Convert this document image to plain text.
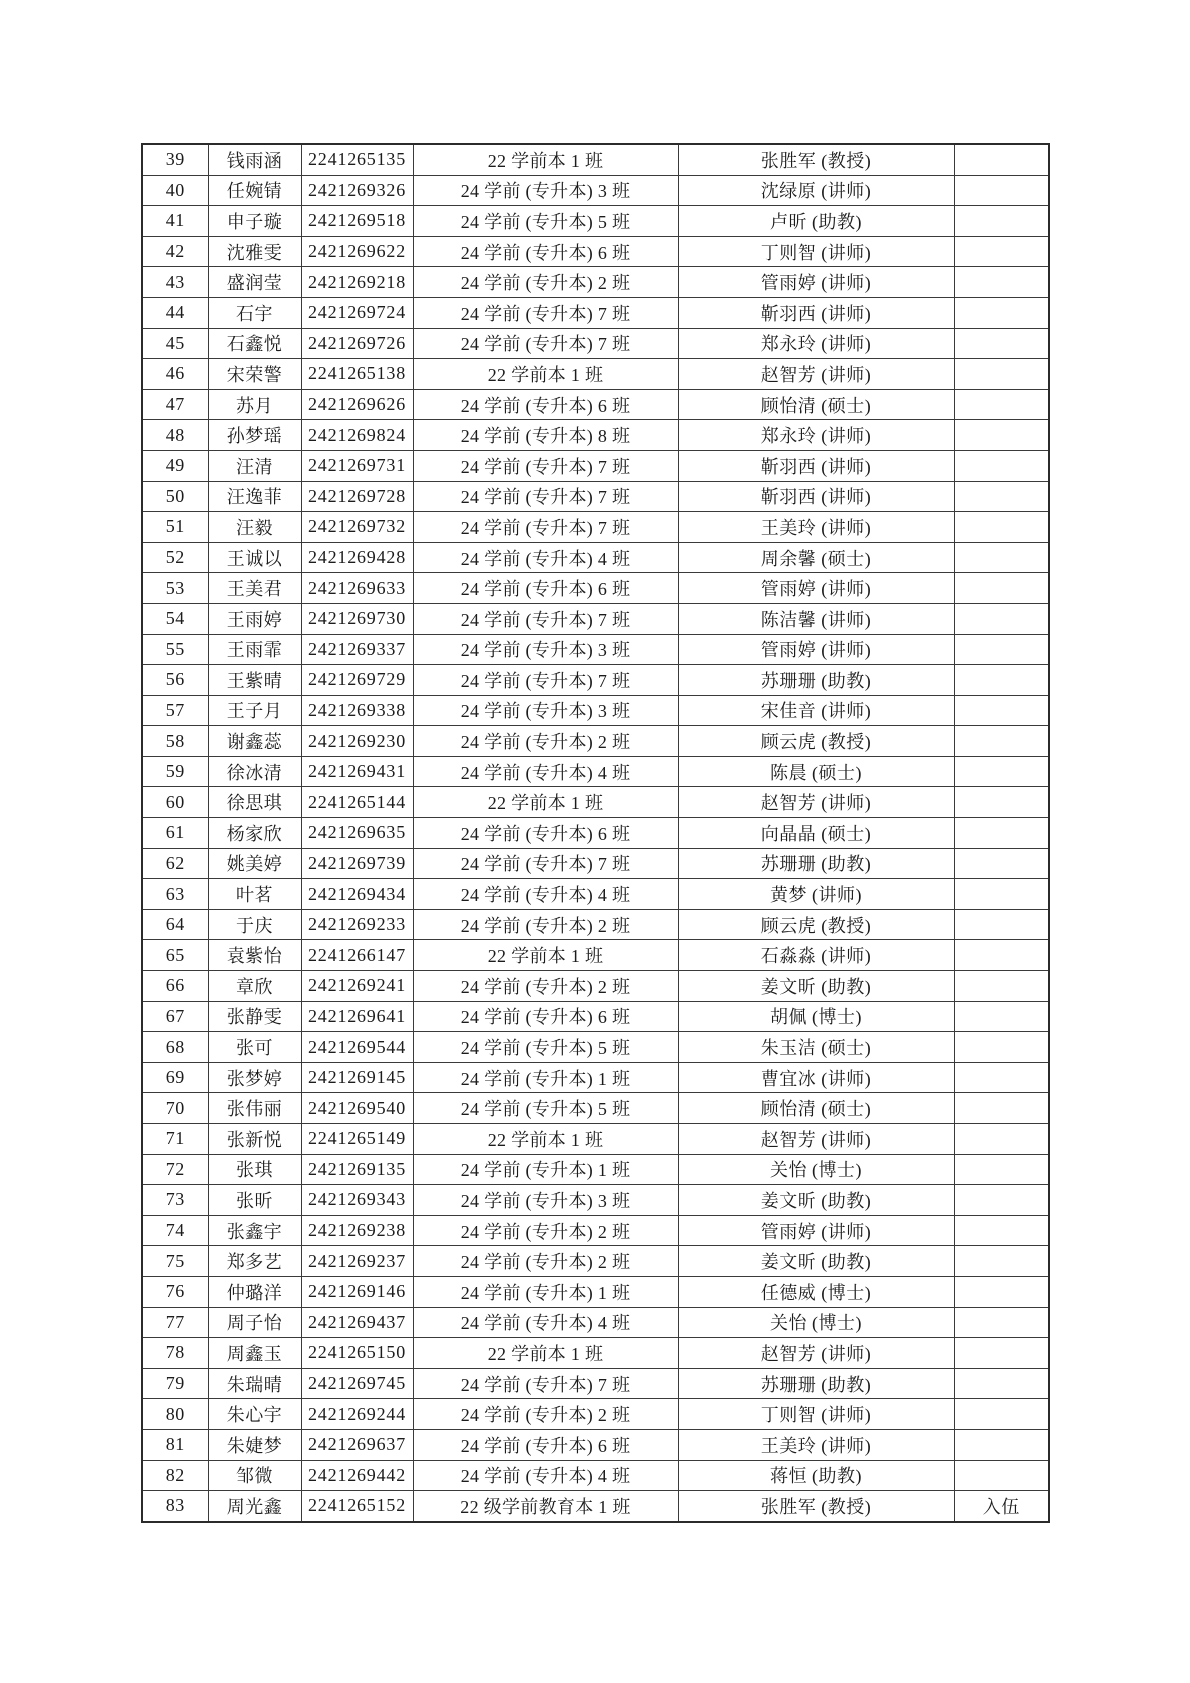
39	钱雨涵	2241265135	22 学前本 1 班	张胜军 (教授)	
40	任婉锖	2421269326	24 学前 (专升本) 3 班	沈绿原 (讲师)	
41	申子璇	2421269518	24 学前 (专升本) 5 班	卢昕 (助教)	
42	沈雅雯	2421269622	24 学前 (专升本) 6 班	丁则智 (讲师)	
43	盛润莹	2421269218	24 学前 (专升本) 2 班	管雨婷 (讲师)	
44	石宇	2421269724	24 学前 (专升本) 7 班	靳羽西 (讲师)	
45	石鑫悦	2421269726	24 学前 (专升本) 7 班	郑永玲 (讲师)	
46	宋荣警	2241265138	22 学前本 1 班	赵智芳 (讲师)	
47	苏月	2421269626	24 学前 (专升本) 6 班	顾怡清 (硕士)	
48	孙梦瑶	2421269824	24 学前 (专升本) 8 班	郑永玲 (讲师)	
49	汪清	2421269731	24 学前 (专升本) 7 班	靳羽西 (讲师)	
50	汪逸菲	2421269728	24 学前 (专升本) 7 班	靳羽西 (讲师)	
51	汪毅	2421269732	24 学前 (专升本) 7 班	王美玲 (讲师)	
52	王诚以	2421269428	24 学前 (专升本) 4 班	周余馨 (硕士)	
53	王美君	2421269633	24 学前 (专升本) 6 班	管雨婷 (讲师)	
54	王雨婷	2421269730	24 学前 (专升本) 7 班	陈洁馨 (讲师)	
55	王雨霏	2421269337	24 学前 (专升本) 3 班	管雨婷 (讲师)	
56	王紫晴	2421269729	24 学前 (专升本) 7 班	苏珊珊 (助教)	
57	王子月	2421269338	24 学前 (专升本) 3 班	宋佳音 (讲师)	
58	谢鑫蕊	2421269230	24 学前 (专升本) 2 班	顾云虎 (教授)	
59	徐冰清	2421269431	24 学前 (专升本) 4 班	陈晨 (硕士)	
60	徐思琪	2241265144	22 学前本 1 班	赵智芳 (讲师)	
61	杨家欣	2421269635	24 学前 (专升本) 6 班	向晶晶 (硕士)	
62	姚美婷	2421269739	24 学前 (专升本) 7 班	苏珊珊 (助教)	
63	叶茗	2421269434	24 学前 (专升本) 4 班	黄梦 (讲师)	
64	于庆	2421269233	24 学前 (专升本) 2 班	顾云虎 (教授)	
65	袁紫怡	2241266147	22 学前本 1 班	石淼淼 (讲师)	
66	章欣	2421269241	24 学前 (专升本) 2 班	姜文昕 (助教)	
67	张静雯	2421269641	24 学前 (专升本) 6 班	胡佩 (博士)	
68	张可	2421269544	24 学前 (专升本) 5 班	朱玉洁 (硕士)	
69	张梦婷	2421269145	24 学前 (专升本) 1 班	曹宜冰 (讲师)	
70	张伟丽	2421269540	24 学前 (专升本) 5 班	顾怡清 (硕士)	
71	张新悦	2241265149	22 学前本 1 班	赵智芳 (讲师)	
72	张琪	2421269135	24 学前 (专升本) 1 班	关怡 (博士)	
73	张昕	2421269343	24 学前 (专升本) 3 班	姜文昕 (助教)	
74	张鑫宇	2421269238	24 学前 (专升本) 2 班	管雨婷 (讲师)	
75	郑多艺	2421269237	24 学前 (专升本) 2 班	姜文昕 (助教)	
76	仲璐洋	2421269146	24 学前 (专升本) 1 班	任德威 (博士)	
77	周子怡	2421269437	24 学前 (专升本) 4 班	关怡 (博士)	
78	周鑫玉	2241265150	22 学前本 1 班	赵智芳 (讲师)	
79	朱瑞晴	2421269745	24 学前 (专升本) 7 班	苏珊珊 (助教)	
80	朱心宇	2421269244	24 学前 (专升本) 2 班	丁则智 (讲师)	
81	朱婕梦	2421269637	24 学前 (专升本) 6 班	王美玲 (讲师)	
82	邹微	2421269442	24 学前 (专升本) 4 班	蒋恒 (助教)	
83	周光鑫	2241265152	22 级学前教育本 1 班	张胜军 (教授)	入伍
